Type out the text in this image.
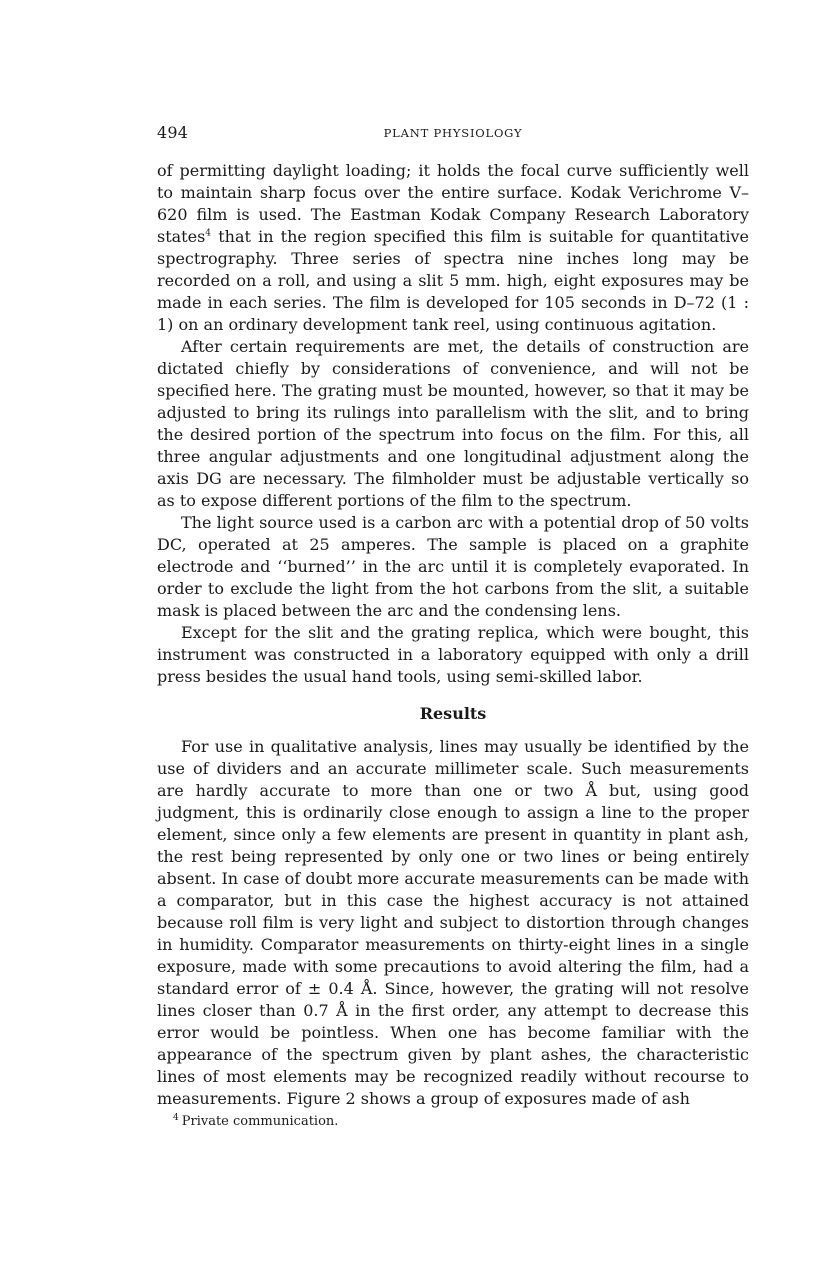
494	PLANT PHYSIOLOGY

of permitting daylight loading; it holds the focal curve sufficiently well to maintain sharp focus over the entire surface. Kodak Verichrome V–620 film is used. The Eastman Kodak Company Research Laboratory states$^4$ that in the region specified this film is suitable for quantitative spectrography. Three series of spectra nine inches long may be recorded on a roll, and using a slit 5 mm. high, eight exposures may be made in each series. The film is developed for 105 seconds in D–72 (1 : 1) on an ordinary development tank reel, using continuous agitation.

After certain requirements are met, the details of construction are dictated chiefly by considerations of convenience, and will not be specified here. The grating must be mounted, however, so that it may be adjusted to bring its rulings into parallelism with the slit, and to bring the desired portion of the spectrum into focus on the film. For this, all three angular adjustments and one longitudinal adjustment along the axis DG are necessary. The filmholder must be adjustable vertically so as to expose different portions of the film to the spectrum.

The light source used is a carbon arc with a potential drop of 50 volts DC, operated at 25 amperes. The sample is placed on a graphite electrode and ‘‘burned’’ in the arc until it is completely evaporated. In order to exclude the light from the hot carbons from the slit, a suitable mask is placed between the arc and the condensing lens.

Except for the slit and the grating replica, which were bought, this instrument was constructed in a laboratory equipped with only a drill press besides the usual hand tools, using semi-skilled labor.

Results

For use in qualitative analysis, lines may usually be identified by the use of dividers and an accurate millimeter scale. Such measurements are hardly accurate to more than one or two Å but, using good judgment, this is ordinarily close enough to assign a line to the proper element, since only a few elements are present in quantity in plant ash, the rest being represented by only one or two lines or being entirely absent. In case of doubt more accurate measurements can be made with a comparator, but in this case the highest accuracy is not attained because roll film is very light and subject to distortion through changes in humidity. Comparator measurements on thirty-eight lines in a single exposure, made with some precautions to avoid altering the film, had a standard error of ± 0.4 Å. Since, however, the grating will not resolve lines closer than 0.7 Å in the first order, any attempt to decrease this error would be pointless. When one has become familiar with the appearance of the spectrum given by plant ashes, the characteristic lines of most elements may be recognized readily without recourse to measurements. Figure 2 shows a group of exposures made of ash

$^4$ Private communication.
